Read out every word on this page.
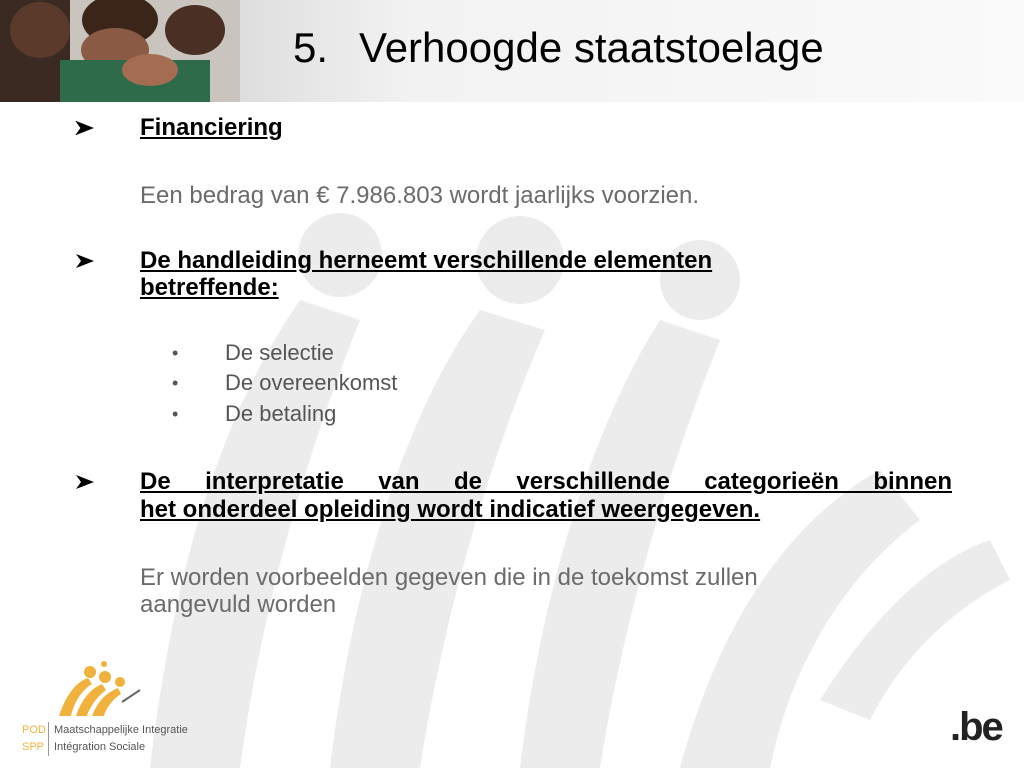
5. Verhoogde staatstoelage
Financiering
Een bedrag van € 7.986.803 wordt jaarlijks voorzien.
De handleiding herneemt verschillende elementen
betreffende:
• De selectie
• De overeenkomst
• De betaling
De interpretatie van de verschillende categorieën binnen
het onderdeel opleiding wordt indicatief weergegeven.
Er worden voorbeelden gegeven die in de toekomst zullen
aangevuld worden
POD
SPP
Maatschappelijke Integratie
Intégration Sociale	.be
